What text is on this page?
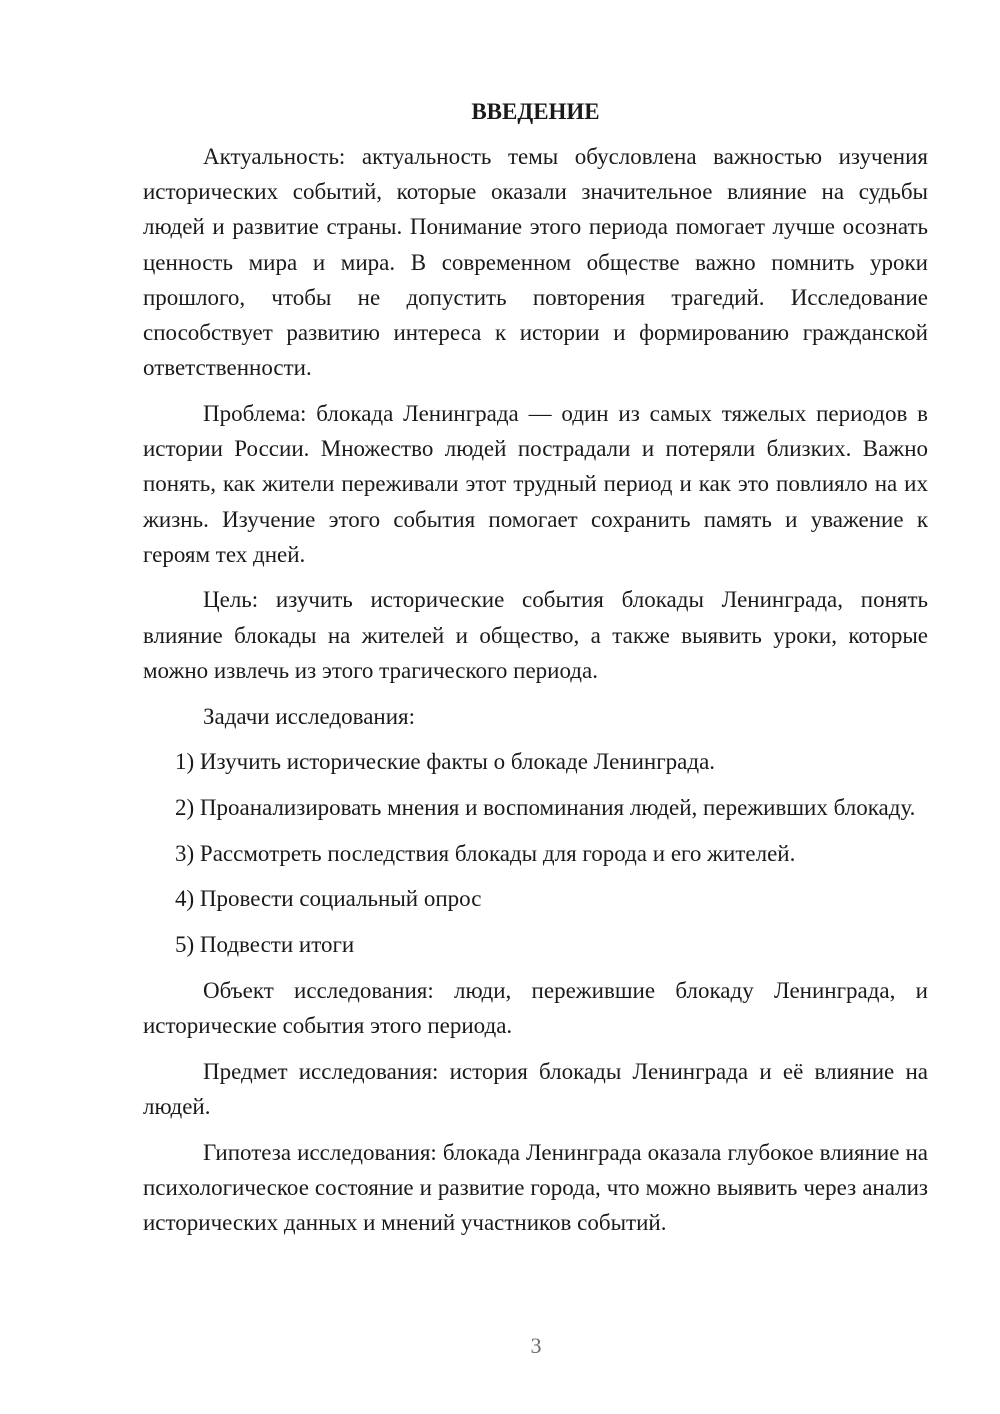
ВВЕДЕНИЕ
Актуальность: актуальность темы обусловлена важностью изучения исторических событий, которые оказали значительное влияние на судьбы людей и развитие страны. Понимание этого периода помогает лучше осознать ценность мира и мира. В современном обществе важно помнить уроки прошлого, чтобы не допустить повторения трагедий. Исследование способствует развитию интереса к истории и формированию гражданской ответственности.
Проблема: блокада Ленинграда — один из самых тяжелых периодов в истории России. Множество людей пострадали и потеряли близких. Важно понять, как жители переживали этот трудный период и как это повлияло на их жизнь. Изучение этого события помогает сохранить память и уважение к героям тех дней.
Цель: изучить исторические события блокады Ленинграда, понять влияние блокады на жителей и общество, а также выявить уроки, которые можно извлечь из этого трагического периода.
Задачи исследования:
1) Изучить исторические факты о блокаде Ленинграда.
2) Проанализировать мнения и воспоминания людей, переживших блокаду.
3) Рассмотреть последствия блокады для города и его жителей.
4) Провести социальный опрос
5) Подвести итоги
Объект исследования: люди, пережившие блокаду Ленинграда, и исторические события этого периода.
Предмет исследования: история блокады Ленинграда и её влияние на людей.
Гипотеза исследования: блокада Ленинграда оказала глубокое влияние на психологическое состояние и развитие города, что можно выявить через анализ исторических данных и мнений участников событий.
3
